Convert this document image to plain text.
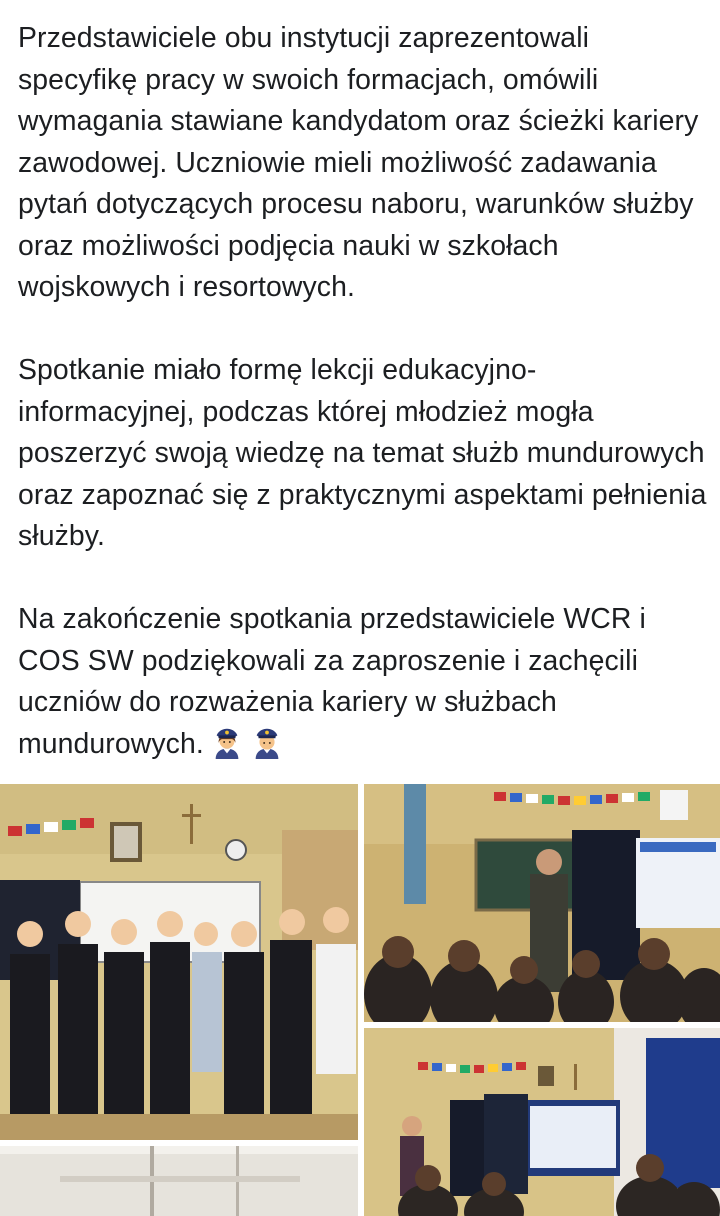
Przedstawiciele obu instytucji zaprezentowali specyfikę pracy w swoich formacjach, omówili wymagania stawiane kandydatom oraz ścieżki kariery zawodowej. Uczniowie mieli możliwość zadawania pytań dotyczących procesu naboru, warunków służby oraz możliwości podjęcia nauki w szkołach wojskowych i resortowych.

Spotkanie miało formę lekcji edukacyjno-informacyjnej, podczas której młodzież mogła poszerzyć swoją wiedzę na temat służb mundurowych oraz zapoznać się z praktycznymi aspektami pełnienia służby.

Na zakończenie spotkania przedstawiciele WCR i COS SW podziękowali za zaproszenie i zachęcili uczniów do rozważenia kariery w służbach mundurowych.
